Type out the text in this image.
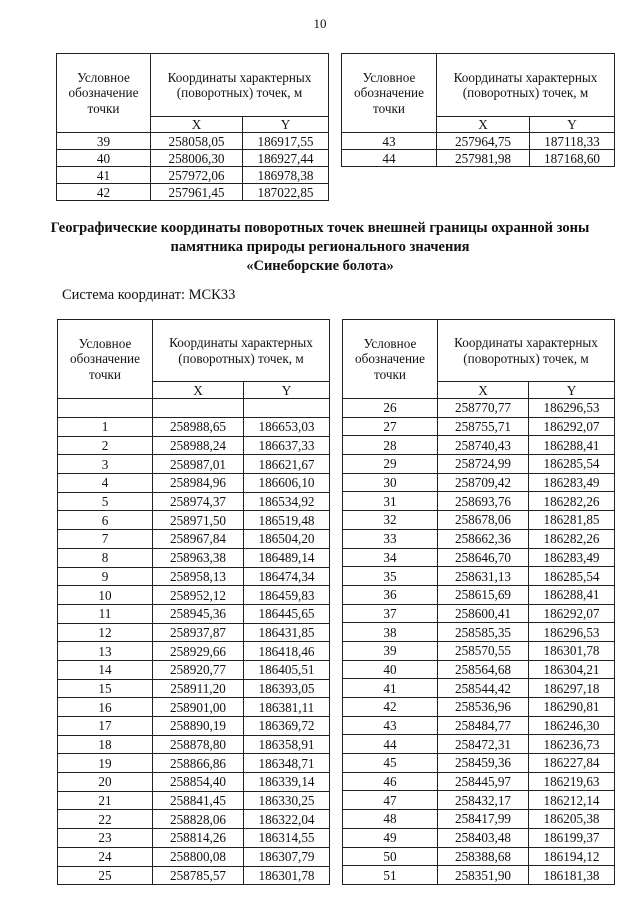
10
Условное обозначение точки	Координаты характерных (поворотных) точек, м	
	X	Y
39	258058,05	186917,55
40	258006,30	186927,44
41	257972,06	186978,38
42	257961,45	187022,85
Условное обозначение точки	Координаты характерных (поворотных) точек, м	
	X	Y
43	257964,75	187118,33
44	257981,98	187168,60
Географические координаты поворотных точек внешней границы охранной зоны
памятника природы регионального значения
«Синеборские болота»
Система координат: МСК33
Условное обозначение точки	Координаты характерных (поворотных) точек, м	
	X	Y

1	258988,65	186653,03
2	258988,24	186637,33
3	258987,01	186621,67
4	258984,96	186606,10
5	258974,37	186534,92
6	258971,50	186519,48
7	258967,84	186504,20
8	258963,38	186489,14
9	258958,13	186474,34
10	258952,12	186459,83
11	258945,36	186445,65
12	258937,87	186431,85
13	258929,66	186418,46
14	258920,77	186405,51
15	258911,20	186393,05
16	258901,00	186381,11
17	258890,19	186369,72
18	258878,80	186358,91
19	258866,86	186348,71
20	258854,40	186339,14
21	258841,45	186330,25
22	258828,06	186322,04
23	258814,26	186314,55
24	258800,08	186307,79
25	258785,57	186301,78
Условное обозначение точки	Координаты характерных (поворотных) точек, м	
	X	Y
26	258770,77	186296,53
27	258755,71	186292,07
28	258740,43	186288,41
29	258724,99	186285,54
30	258709,42	186283,49
31	258693,76	186282,26
32	258678,06	186281,85
33	258662,36	186282,26
34	258646,70	186283,49
35	258631,13	186285,54
36	258615,69	186288,41
37	258600,41	186292,07
38	258585,35	186296,53
39	258570,55	186301,78
40	258564,68	186304,21
41	258544,42	186297,18
42	258536,96	186290,81
43	258484,77	186246,30
44	258472,31	186236,73
45	258459,36	186227,84
46	258445,97	186219,63
47	258432,17	186212,14
48	258417,99	186205,38
49	258403,48	186199,37
50	258388,68	186194,12
51	258351,90	186181,38
